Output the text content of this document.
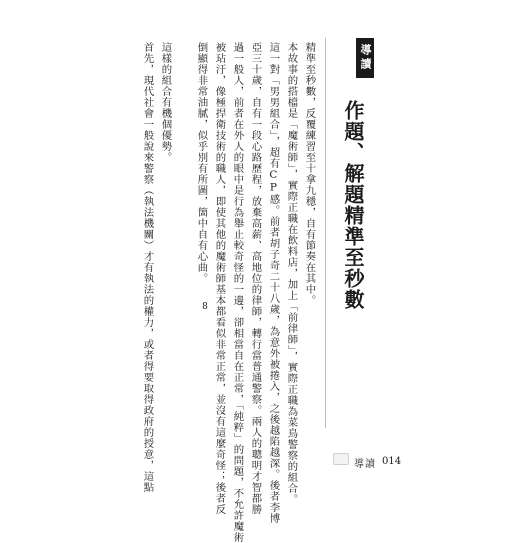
導讀
作題、解題精準至秒數
精準至秒數，反覆練習至十拿九穩，自有節奏在其中。
本故事的搭檔是「魔術師」，實際正職在飲料店，加上「前律師」，實際正職為菜鳥警察的組合。
這一對「男男組合」，超有CP感。前者胡子奇二十八歲，為意外被捲入，之後越陷越深。後者李博
亞三十歲，自有一段心路歷程，放棄高薪、高地位的律師，轉行當普通警察。兩人的聰明才智都勝
過一般人，前者在外人的眼中是行為舉止較奇怪的一邊，卻相當自在正常，「純粹」的問題，不允許魔術
被玷汙，像極捍衛技術的職人，即使其他的魔術師基本都看似非常正常，並沒有這麼奇怪；後者反
倒顯得非常油膩，似乎別有所圖，箇中自有心曲。
8
這樣的組合有機個優勢。
首先，現代社會一般說來警察（執法機關）才有執法的權力，或者得要取得政府的授意，這點	導讀 014
